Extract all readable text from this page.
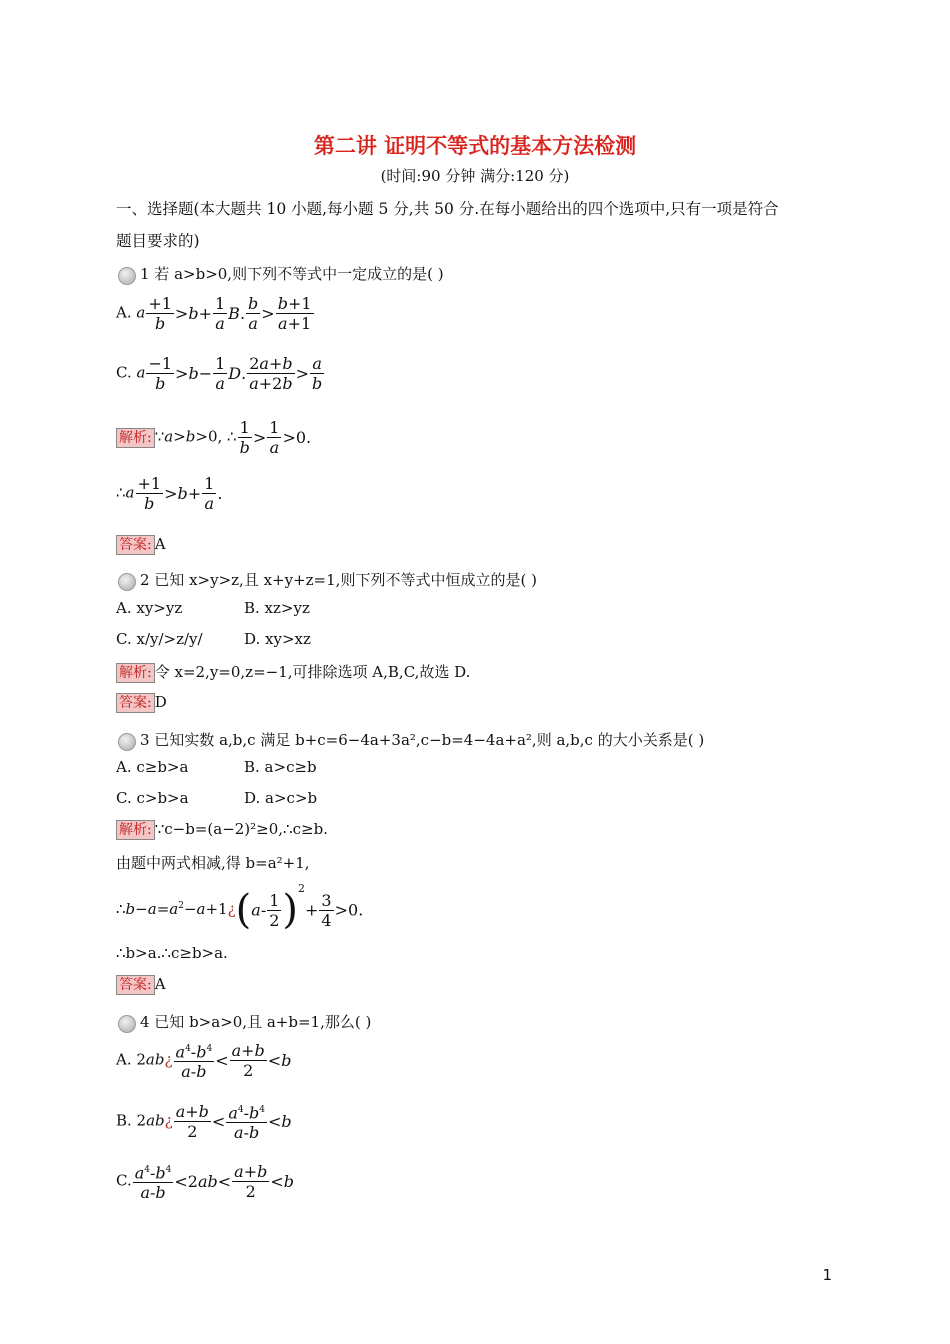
第二讲 证明不等式的基本方法检测
(时间:90 分钟 满分:120 分)
一、选择题(本大题共 10 小题,每小题 5 分,共 50 分.在每小题给出的四个选项中,只有一项是符合
题目要求的)
1 若 a>b>0,则下列不等式中一定成立的是( )
A. a $\frac{+1}{b} >b+ \frac{1}{a} B$. $\frac{b}{a} > \frac{b+1}{a+1}$
C. a $\frac{-1}{b} >b- \frac{1}{a} D$. $\frac{2a+b}{a+2b} > \frac{a}{b}$
解析: ∵a>b>0, ∴ $\frac{1}{b} > \frac{1}{a} >0$.
∴a $\frac{+1}{b} >b+ \frac{1}{a}$ .
答案: A
2 已知 x>y>z,且 x+y+z=1,则下列不等式中恒成立的是( )
A. xy>yz	B. xz>yz
C. x/y/>z/y/	D. xy>xz
解析: 令 x=2,y=0,z=−1,可排除选项 A,B,C,故选 D.
答案: D
3 已知实数 a,b,c 满足 b+c=6−4a+3a²,c−b=4−4a+a²,则 a,b,c 的大小关系是( )
A. c≥b>a	B. a>c≥b
C. c>b>a	D. a>c>b
解析: ∵c−b=(a−2)²≥0,∴c≥b.
由题中两式相减,得 b=a²+1,
$\therefore b-a=a^2-a+1¿(a- \frac{1}{2} )^2+ \frac{3}{4} >0$.
∴b>a.∴c≥b>a.
答案: A
4 已知 b>a>0,且 a+b=1,那么( )
A. 2ab¿ $\frac{a^4-b^4}{a-b} < \frac{a+b}{2} <b$
B. 2ab¿ $\frac{a+b}{2} < \frac{a^4-b^4}{a-b} <b$
C. $\frac{a^4-b^4}{a-b} <2ab< \frac{a+b}{2} <b$
1
